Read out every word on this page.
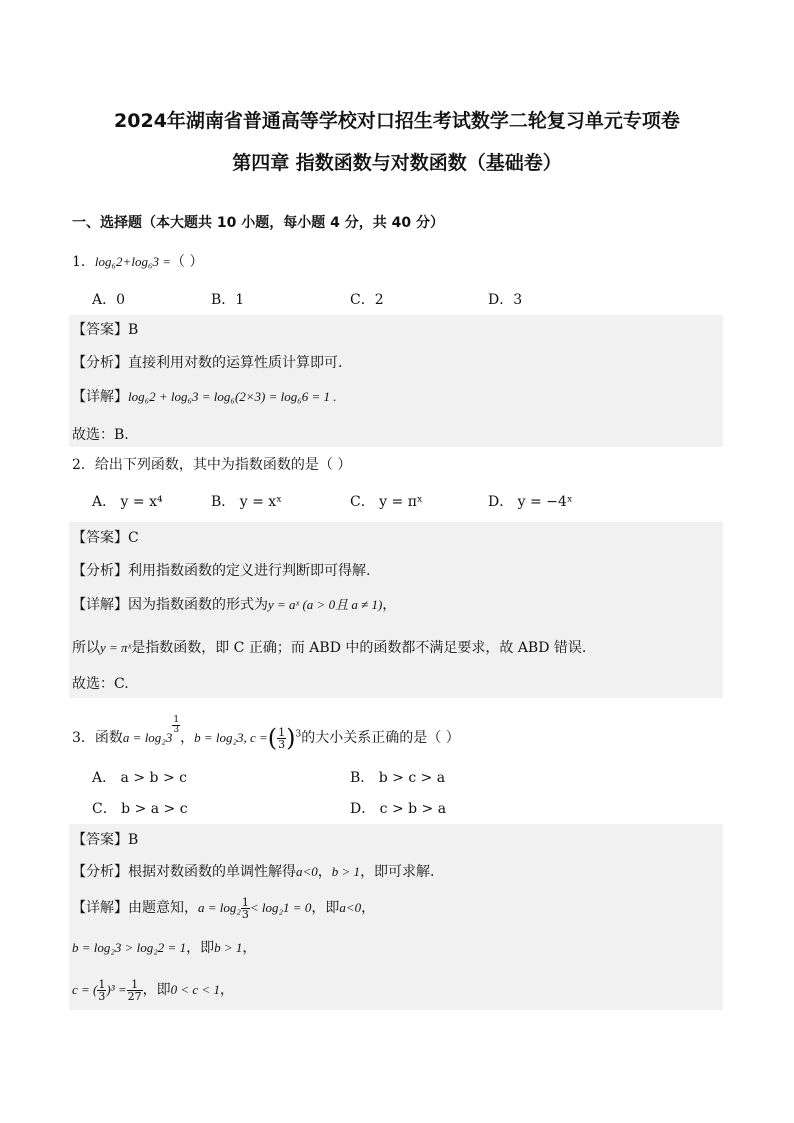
2024年湖南省普通高等学校对口招生考试数学二轮复习单元专项卷
第四章 指数函数与对数函数（基础卷）
一、选择题（本大题共 10 小题，每小题 4 分，共 40 分）
1．log₆2+log₆3 =（ ）
A．0	B．1	C．2	D．3
【答案】B
【分析】直接利用对数的运算性质计算即可.
【详解】log₆2 + log₆3 = log₆(2×3) = log₆6 = 1 .
故选：B.
2．给出下列函数，其中为指数函数的是（ ）
A． y = x⁴	B． y = xˣ	C． y = πˣ	D． y = −4ˣ
【答案】C
【分析】利用指数函数的定义进行判断即可得解.
【详解】因为指数函数的形式为y = aˣ (a > 0且 a ≠ 1)，
所以y = πˣ是指数函数，即 C 正确；而 ABD 中的函数都不满足要求，故 ABD 错误.
故选：C.
3．函数a = log₂3
$\frac{1}{3}$
，b = log₂3, c =( $\frac{1}{3} )^3$的大小关系正确的是（ ）
A． a > b > c	B． b > c > a
C． b > a > c	D． c > b > a
【答案】B
【分析】根据对数函数的单调性解得a<0，b > 1，即可求解.
【详解】由题意知，$a = \log_2 \frac{1}{3} < \log_21 = 0$，即a<0，
b = log₂3 > log₂2 = 1，即b > 1，
c = ( $\frac{1}{3} )^3 = \frac{1}{27}$ ，即0 < c < 1，
